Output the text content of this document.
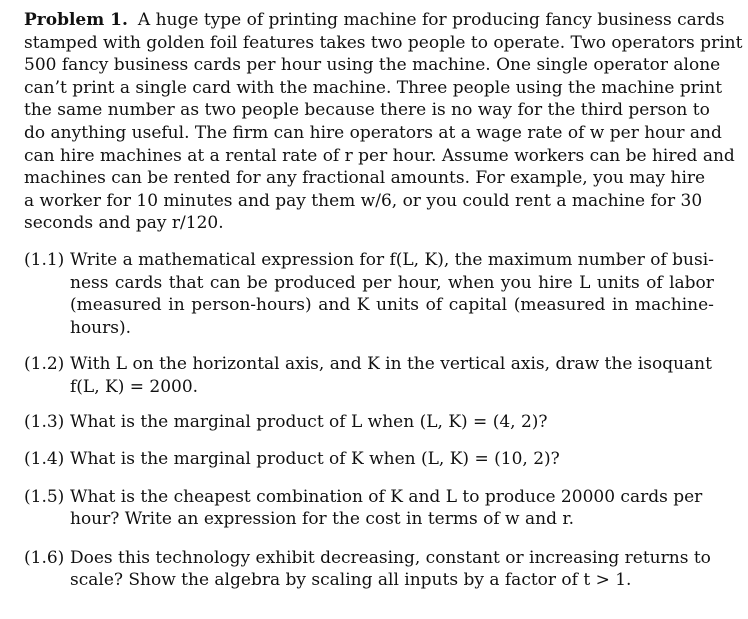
Problem 1. A huge type of printing machine for producing fancy business cards
stamped with golden foil features takes two people to operate. Two operators print
500 fancy business cards per hour using the machine. One single operator alone
can’t print a single card with the machine. Three people using the machine print
the same number as two people because there is no way for the third person to
do anything useful. The firm can hire operators at a wage rate of w per hour and
can hire machines at a rental rate of r per hour. Assume workers can be hired and
machines can be rented for any fractional amounts. For example, you may hire
a worker for 10 minutes and pay them w/6, or you could rent a machine for 30
seconds and pay r/120.
(1.1) Write a mathematical expression for f(L, K), the maximum number of busi-
ness cards that can be produced per hour, when you hire L units of labor
(measured in person-hours) and K units of capital (measured in machine-
hours).
(1.2) With L on the horizontal axis, and K in the vertical axis, draw the isoquant
f(L, K) = 2000.
(1.3) What is the marginal product of L when (L, K) = (4, 2)?
(1.4) What is the marginal product of K when (L, K) = (10, 2)?
(1.5) What is the cheapest combination of K and L to produce 20000 cards per
hour? Write an expression for the cost in terms of w and r.
(1.6) Does this technology exhibit decreasing, constant or increasing returns to
scale? Show the algebra by scaling all inputs by a factor of t > 1.
